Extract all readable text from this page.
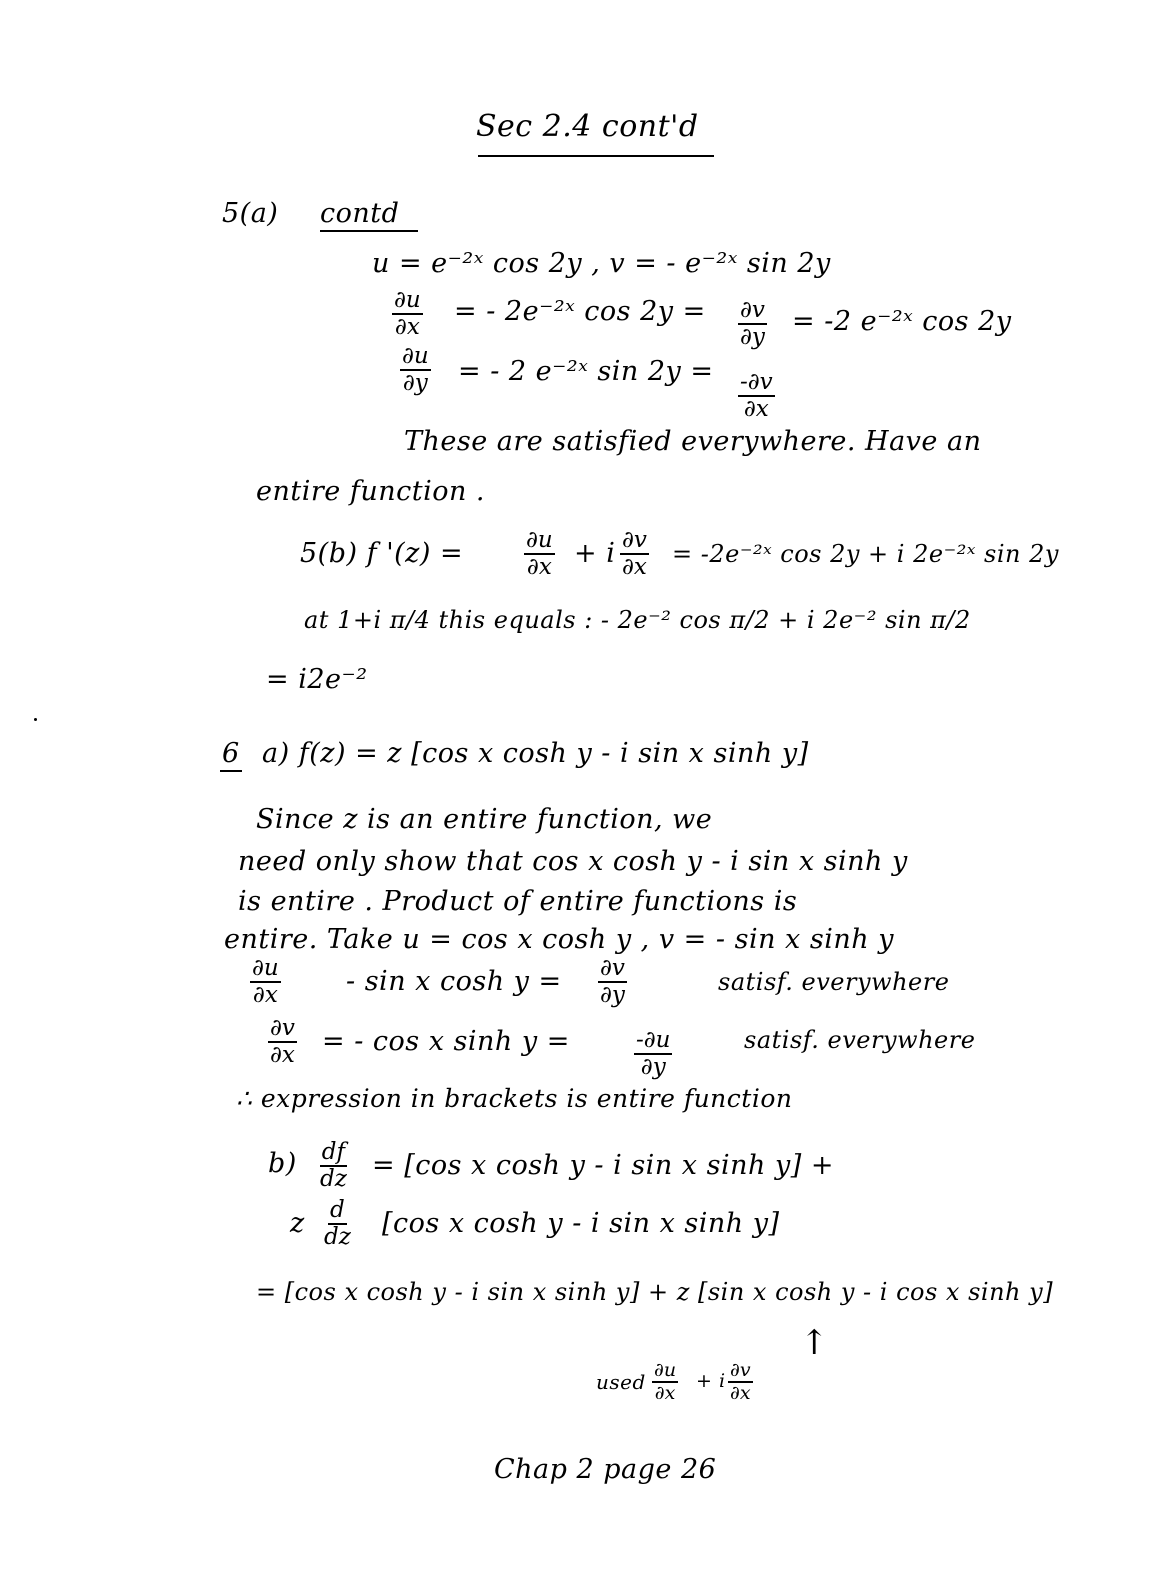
Sec 2.4 cont'd
5(a) contd
u = e⁻²ˣ cos 2y , v = - e⁻²ˣ sin 2y
$\frac{\partial u}{\partial x}$ = - 2e⁻²ˣ $\cos 2y = \frac{\partial v}{\partial y} = -2$ e⁻²ˣ cos 2y
$\frac{\partial u}{\partial y}$ = - 2 e⁻²ˣ $\sin 2y = \frac{-\partial v}{\partial x}$
These are satisfied everywhere. Have an
entire function .
5(b) f '(z) =	$\frac{\partial u}{\partial x} + i \frac{\partial v}{\partial x}$ = -2e⁻²ˣ cos 2y + i 2e⁻²ˣ sin 2y
at 1+i π/4 this equals : - 2e⁻² cos π/2 + i 2e⁻² sin π/2
= i2e⁻²
6 a) f(z) = z [cos x cosh y - i sin x sinh y]
Since z is an entire function, we
need only show that cos x cosh y - i sin x sinh y
is entire . Product of entire functions is
entire. Take u = cos x cosh y , v = - sin x sinh y
$\frac{\partial u}{\partial x}$ - sin x $\cosh y = \frac{\partial v}{\partial y}$	satisf. everywhere
$\frac{\partial v}{\partial x}$ = - cos x sinh y =	$\frac{-\partial u}{\partial y}$	satisf. everywhere
∴ expression in brackets is entire function
$b) \frac{df}{dz} = [\cos$ x cosh y - i sin x sinh y] +
z $\frac{d}{dz} [\cos$ x cosh y - i sin x sinh y]
= [cos x cosh y - i sin x sinh y] + z [sin x cosh y - i cos x sinh y]
↑
used $\frac{\partial u}{\partial x} + i \frac{\partial v}{\partial x}$
Chap 2 page 26
